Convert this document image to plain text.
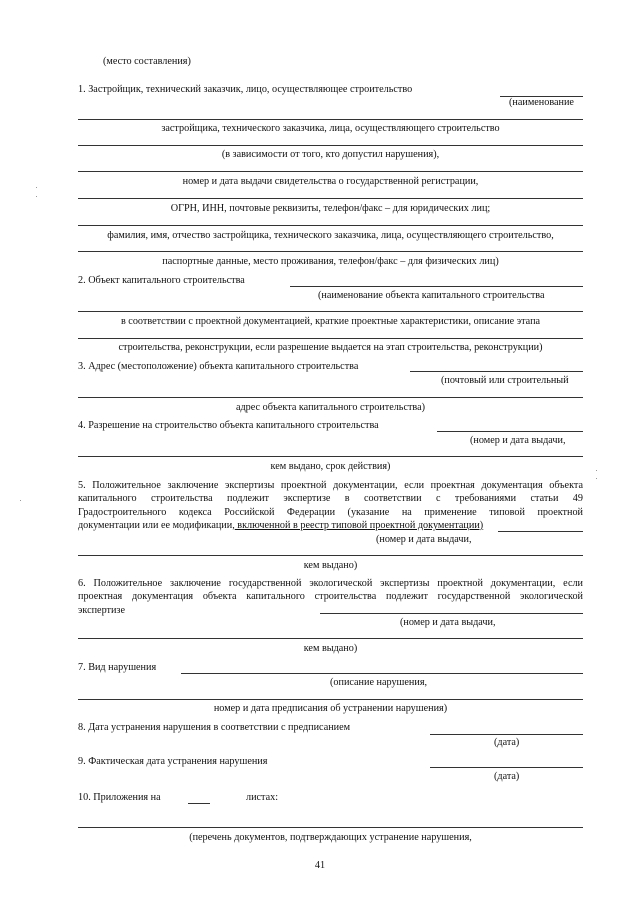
(место составления)
1. Застройщик, технический заказчик, лицо, осуществляющее строительство
(наименование
застройщика, технического заказчика, лица, осуществляющего строительство
(в зависимости от того, кто допустил нарушения),
номер и дата выдачи свидетельства о государственной регистрации,
ОГРН, ИНН, почтовые реквизиты, телефон/факс – для юридических лиц;
фамилия, имя, отчество застройщика, технического заказчика, лица, осуществляющего строительство,
паспортные данные, место проживания, телефон/факс – для физических лиц)
2. Объект капитального строительства
(наименование объекта капитального строительства
в соответствии с проектной документацией, краткие проектные характеристики, описание этапа
строительства, реконструкции, если разрешение выдается на этап строительства, реконструкции)
3. Адрес (местоположение) объекта капитального строительства
(почтовый или строительный
адрес объекта капитального строительства)
4. Разрешение на строительство объекта капитального строительства
(номер и дата выдачи,
кем выдано, срок действия)
5. Положительное заключение экспертизы проектной документации, если проектная документация объекта
капитального строительства подлежит экспертизе в соответствии с требованиями статьи 49
Градостроительного кодекса Российской Федерации (указание на применение типовой проектной
документации или ее модификации, включенной в реестр типовой проектной документации)
(номер и дата выдачи,
кем выдано)
6. Положительное заключение государственной экологической экспертизы проектной документации, если
проектная документация объекта капитального строительства подлежит государственной экологической
экспертизе
(номер и дата выдачи,
кем выдано)
7. Вид нарушения
(описание нарушения,
номер и дата предписания об устранении нарушения)
8. Дата устранения нарушения в соответствии с предписанием
(дата)
9. Фактическая дата устранения нарушения
(дата)
10. Приложения на	листах:
(перечень документов, подтверждающих устранение нарушения,
41
